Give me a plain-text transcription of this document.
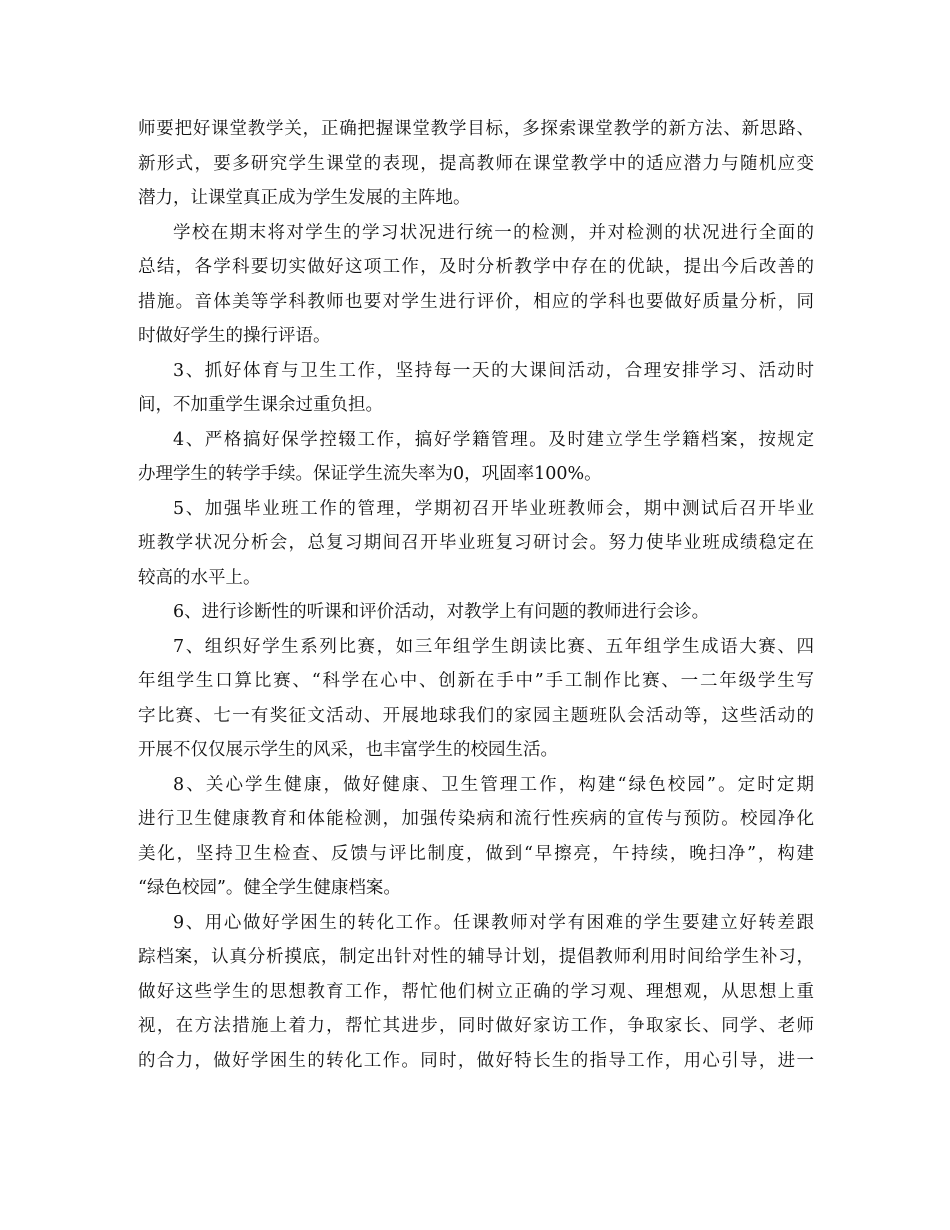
师要把好课堂教学关，正确把握课堂教学目标，多探索课堂教学的新方法、新思路、
新形式，要多研究学生课堂的表现，提高教师在课堂教学中的适应潜力与随机应变
潜力，让课堂真正成为学生发展的主阵地。
学校在期末将对学生的学习状况进行统一的检测，并对检测的状况进行全面的
总结，各学科要切实做好这项工作，及时分析教学中存在的优缺，提出今后改善的
措施。音体美等学科教师也要对学生进行评价，相应的学科也要做好质量分析，同
时做好学生的操行评语。
3、抓好体育与卫生工作，坚持每一天的大课间活动，合理安排学习、活动时
间，不加重学生课余过重负担。
4、严格搞好保学控辍工作，搞好学籍管理。及时建立学生学籍档案，按规定
办理学生的转学手续。保证学生流失率为0，巩固率100%。
5、加强毕业班工作的管理，学期初召开毕业班教师会，期中测试后召开毕业
班教学状况分析会，总复习期间召开毕业班复习研讨会。努力使毕业班成绩稳定在
较高的水平上。
6、进行诊断性的听课和评价活动，对教学上有问题的教师进行会诊。
7、组织好学生系列比赛，如三年组学生朗读比赛、五年组学生成语大赛、四
年组学生口算比赛、“科学在心中、创新在手中”手工制作比赛、一二年级学生写
字比赛、七一有奖征文活动、开展地球我们的家园主题班队会活动等，这些活动的
开展不仅仅展示学生的风采，也丰富学生的校园生活。
8、关心学生健康，做好健康、卫生管理工作，构建“绿色校园”。定时定期
进行卫生健康教育和体能检测，加强传染病和流行性疾病的宣传与预防。校园净化
美化，坚持卫生检查、反馈与评比制度，做到“早擦亮，午持续，晚扫净”，构建
“绿色校园”。健全学生健康档案。
9、用心做好学困生的转化工作。任课教师对学有困难的学生要建立好转差跟
踪档案，认真分析摸底，制定出针对性的辅导计划，提倡教师利用时间给学生补习，
做好这些学生的思想教育工作，帮忙他们树立正确的学习观、理想观，从思想上重
视，在方法措施上着力，帮忙其进步，同时做好家访工作，争取家长、同学、老师
的合力，做好学困生的转化工作。同时，做好特长生的指导工作，用心引导，进一
